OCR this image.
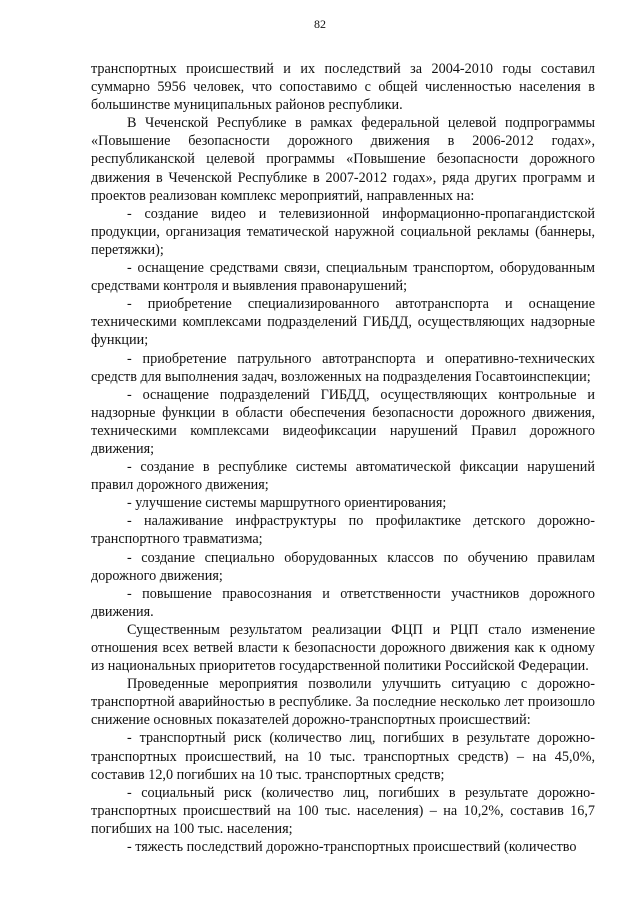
82

транспортных происшествий и их последствий за 2004-2010 годы составил суммарно 5956 человек, что сопоставимо с общей численностью населения в большинстве муниципальных районов республики.

В Чеченской Республике в рамках федеральной целевой подпрограммы «Повышение безопасности дорожного движения в 2006-2012 годах», республиканской целевой программы «Повышение безопасности дорожного движения в Чеченской Республике в 2007-2012 годах», ряда других программ и проектов реализован комплекс мероприятий, направленных на:

- создание видео и телевизионной информационно-пропагандистской продукции, организация тематической наружной социальной рекламы (баннеры, перетяжки);

- оснащение средствами связи, специальным транспортом, оборудованным средствами контроля и выявления правонарушений;

- приобретение специализированного автотранспорта и оснащение техническими комплексами подразделений ГИБДД, осуществляющих надзорные функции;

- приобретение патрульного автотранспорта и оперативно-технических средств для выполнения задач, возложенных на подразделения Госавтоинспекции;

- оснащение подразделений ГИБДД, осуществляющих контрольные и надзорные функции в области обеспечения безопасности дорожного движения, техническими комплексами видеофиксации нарушений Правил дорожного движения;

- создание в республике системы автоматической фиксации нарушений правил дорожного движения;

- улучшение системы маршрутного ориентирования;

- налаживание инфраструктуры по профилактике детского дорожно-транспортного травматизма;

- создание специально оборудованных классов по обучению правилам дорожного движения;

- повышение правосознания и ответственности участников дорожного движения.

Существенным результатом реализации ФЦП и РЦП стало изменение отношения всех ветвей власти к безопасности дорожного движения как к одному из национальных приоритетов государственной политики Российской Федерации.

Проведенные мероприятия позволили улучшить ситуацию с дорожно-транспортной аварийностью в республике. За последние несколько лет произошло снижение основных показателей дорожно-транспортных происшествий:

- транспортный риск (количество лиц, погибших в результате дорожно-транспортных происшествий, на 10 тыс. транспортных средств) – на 45,0%, составив 12,0 погибших на 10 тыс. транспортных средств;

- социальный риск (количество лиц, погибших в результате дорожно-транспортных происшествий на 100 тыс. населения) – на 10,2%, составив 16,7 погибших на 100 тыс. населения;

- тяжесть последствий дорожно-транспортных происшествий (количество
